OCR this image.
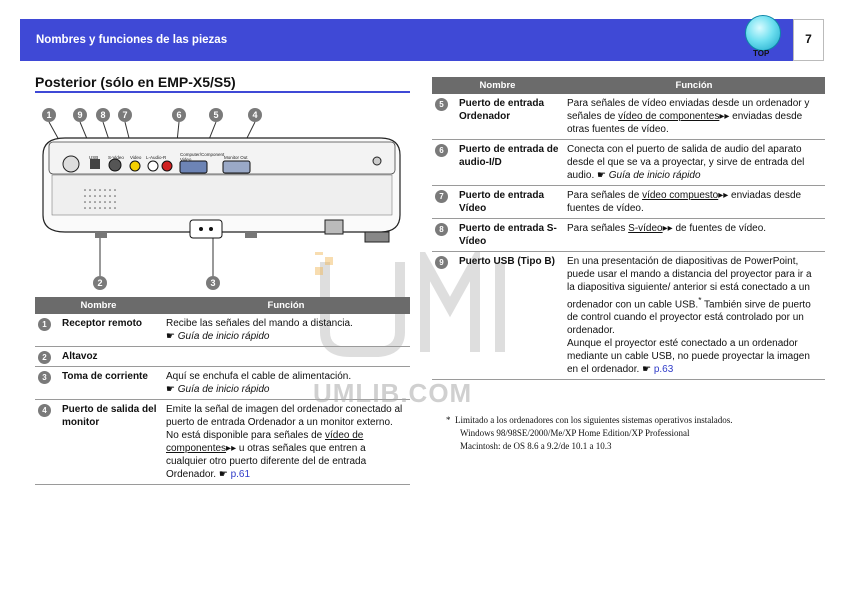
Nombres y funciones de las piezas
TOP
7
Posterior (sólo en EMP-X5/S5)
USB S-Video Video L-Audio-R
Computer/Component Video	Monitor Out
1	9	8	7	6	5	4
2	3
Nombre		Función
1	Receptor remoto	Recibe las señales del mando a distancia.
☛ Guía de inicio rápido
2	Altavoz	
3	Toma de corriente	Aquí se enchufa el cable de alimentación.
☛ Guía de inicio rápido
4	Puerto de salida del monitor	Emite la señal de imagen del ordenador conectado al puerto de entrada Ordenador a un monitor externo. No está disponible para señales de vídeo de componentes▸▸ u otras señales que entren a cualquier otro puerto diferente del de entrada Ordenador. ☛ p.61
Nombre		Función
5	Puerto de entrada Ordenador	Para señales de vídeo enviadas desde un ordenador y señales de vídeo de componentes▸▸ enviadas desde otras fuentes de vídeo.
6	Puerto de entrada de audio-I/D	Conecta con el puerto de salida de audio del aparato desde el que se va a proyectar, y sirve de entrada del audio. ☛ Guía de inicio rápido
7	Puerto de entrada Vídeo	Para señales de vídeo compuesto▸▸ enviadas desde fuentes de vídeo.
8	Puerto de entrada S-Vídeo	Para señales S-vídeo▸▸ de fuentes de vídeo.
9	Puerto USB (Tipo B)	En una presentación de diapositivas de PowerPoint, puede usar el mando a distancia del proyector para ir a la diapositiva siguiente/ anterior si está conectado a un ordenador con un cable USB.* También sirve de puerto de control cuando el proyector está controlado por un ordenador.
Aunque el proyector esté conectado a un ordenador mediante un cable USB, no puede proyectar la imagen en el ordenador. ☛ p.63
* Limitado a los ordenadores con los siguientes sistemas operativos instalados.
Windows 98/98SE/2000/Me/XP Home Edition/XP Professional
Macintosh: de OS 8.6 a 9.2/de 10.1 a 10.3
UMLIB.COM
